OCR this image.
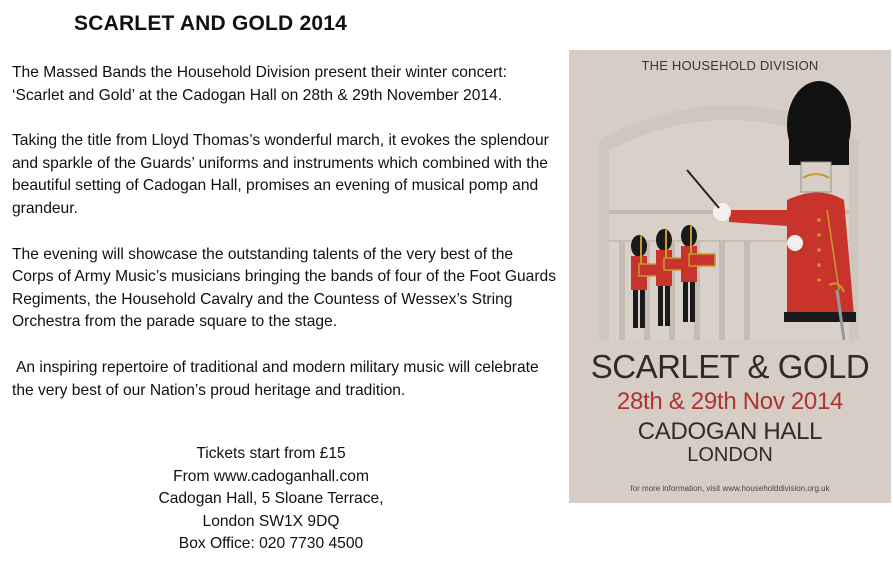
SCARLET AND GOLD 2014

The Massed Bands the Household Division present their winter concert: ‘Scarlet and Gold’ at the Cadogan Hall on 28th & 29th November 2014.

Taking the title from Lloyd Thomas’s wonderful march, it evokes the splendour and sparkle of the Guards’ uniforms and instruments which combined with the beautiful setting of Cadogan Hall, promises an evening of musical pomp and grandeur.

The evening will showcase the outstanding talents of the very best of the Corps of Army Music’s musicians bringing the bands of four of the Foot Guards Regiments, the Household Cavalry and the Countess of Wessex’s String Orchestra from the parade square to the stage.

An inspiring repertoire of traditional and modern military music will celebrate the very best of our Nation’s proud heritage and tradition.

Tickets start from £15
From www.cadoganhall.com
Cadogan Hall, 5 Sloane Terrace,
London SW1X 9DQ
Box Office: 020 7730 4500
THE HOUSEHOLD DIVISION
SCARLET & GOLD
28th & 29th Nov 2014
CADOGAN HALL
LONDON
for more information, visit www.householddivision.org.uk
